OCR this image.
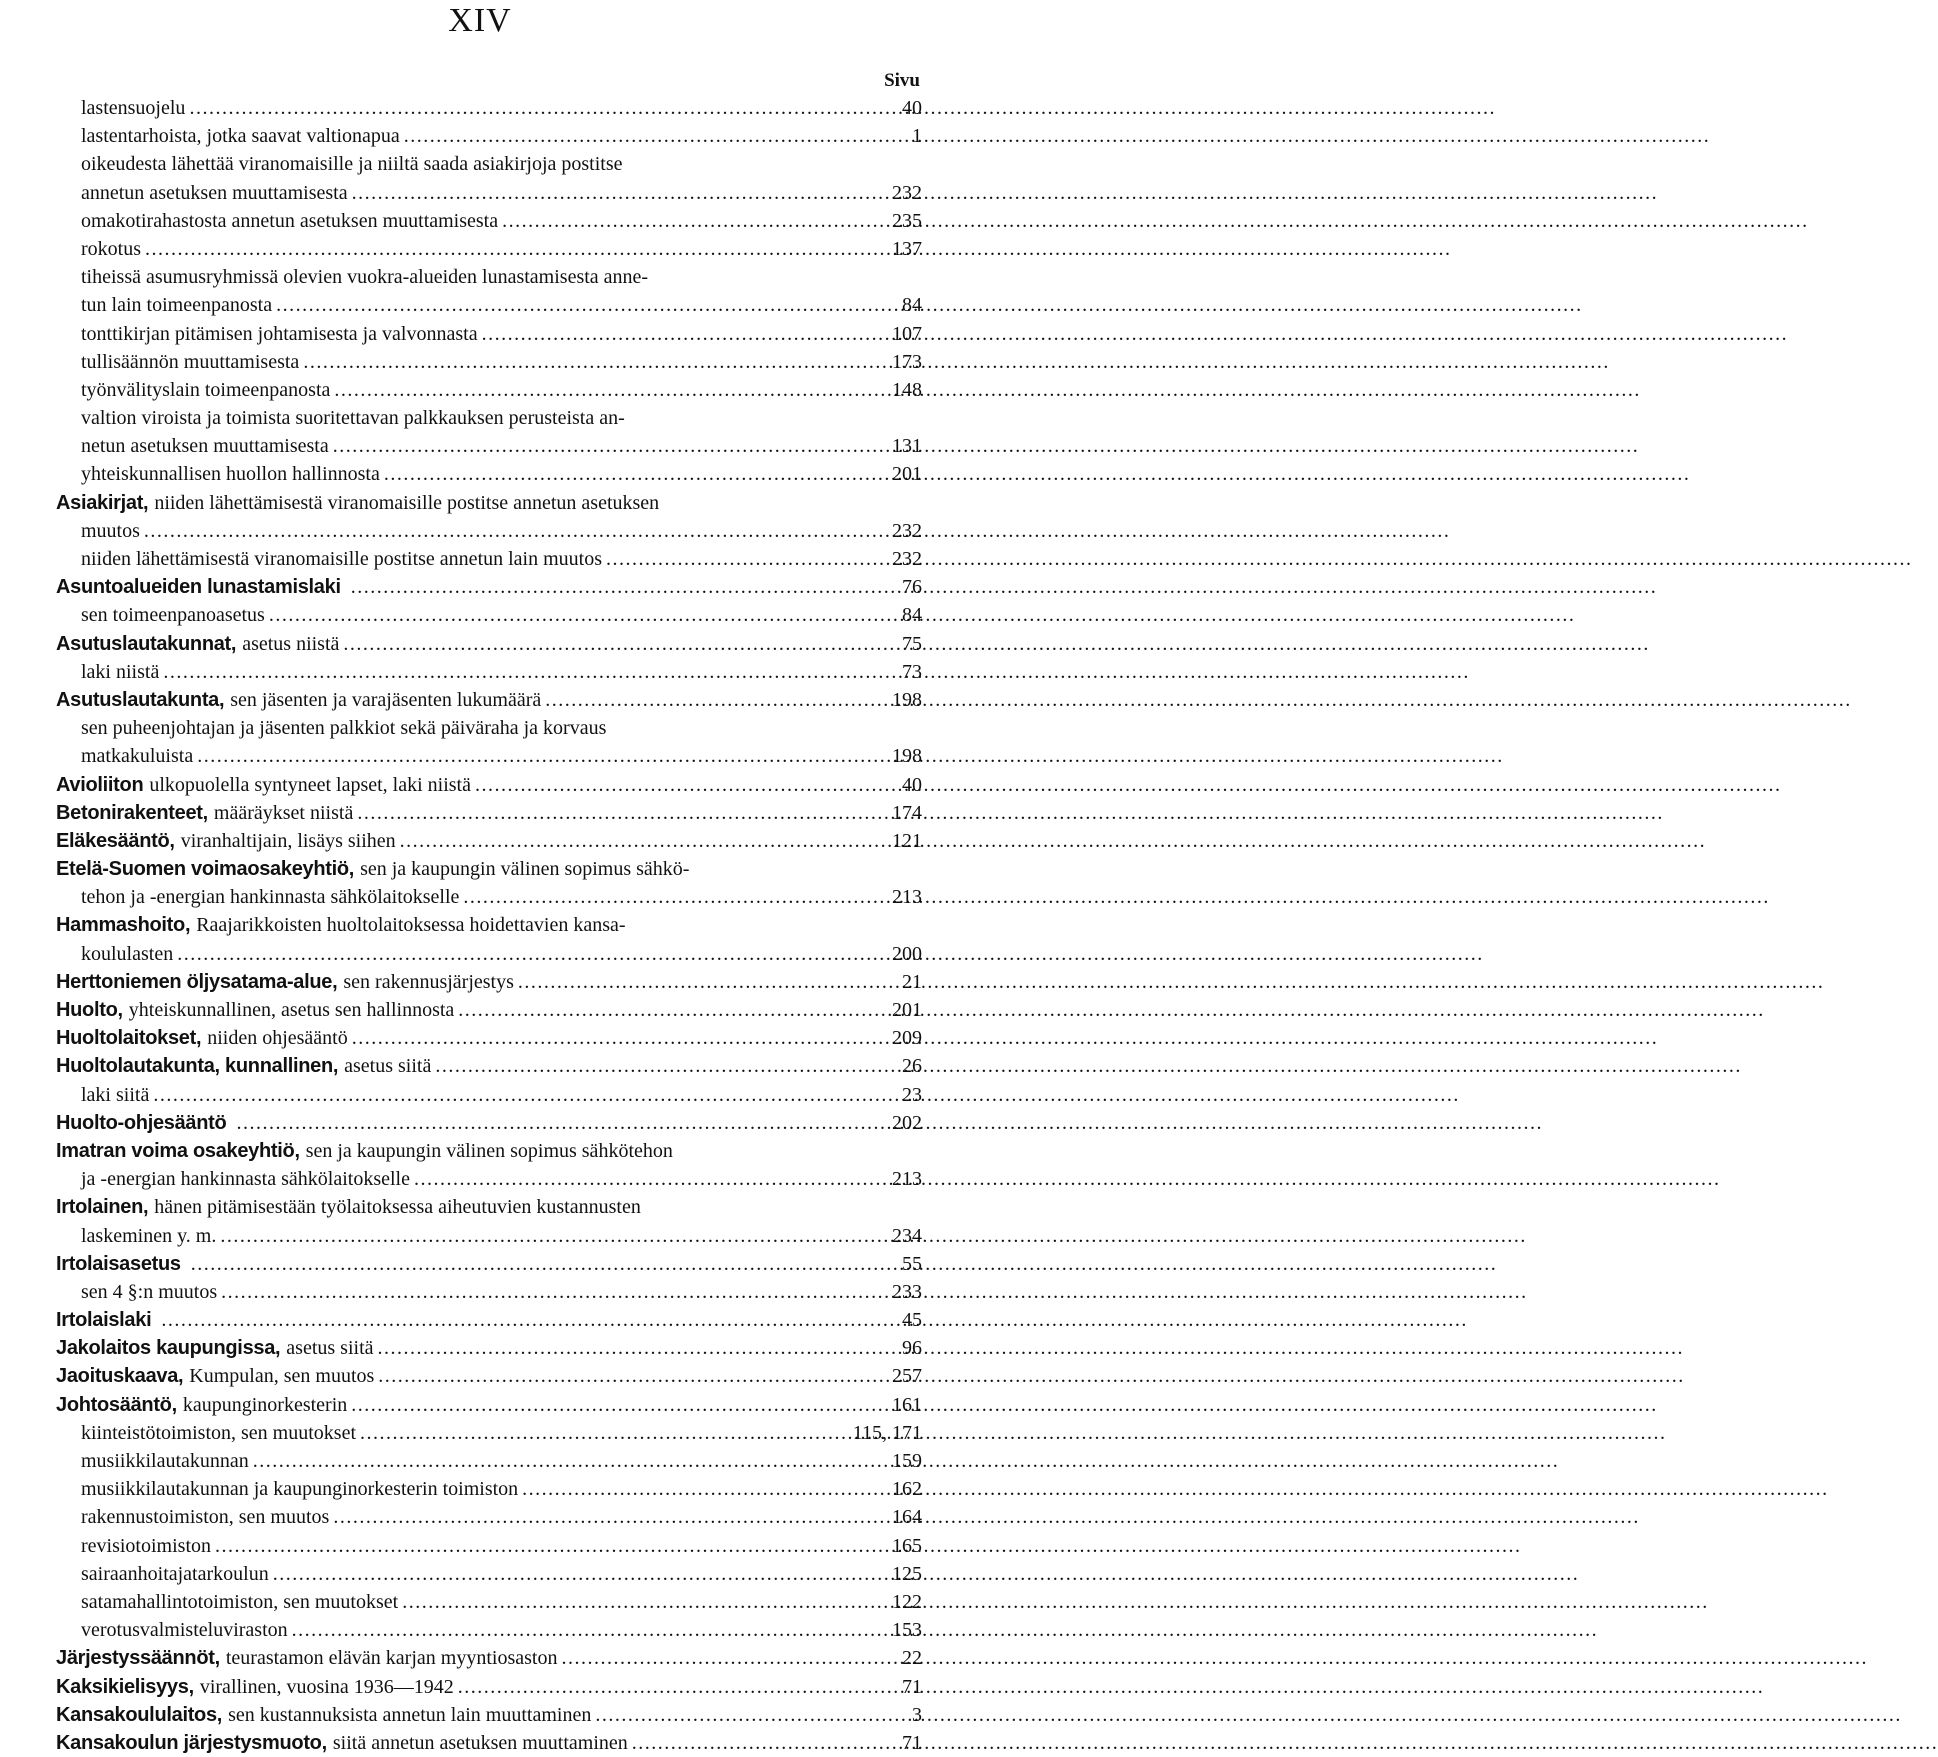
XIV
Sivu
lastensuojelu .....	40
lastentarhoista, jotka saavat valtionapua .....	1
oikeudesta lähettää viranomaisille ja niiltä saada asiakirjoja postitse
annetun asetuksen muuttamisesta .....	232
omakotirahastosta annetun asetuksen muuttamisesta .....	235
rokotus .....	137
tiheissä asumusryhmissä olevien vuokra-alueiden lunastamisesta anne-
tun lain toimeenpanosta .....	84
tonttikirjan pitämisen johtamisesta ja valvonnasta .....	107
tullisäännön muuttamisesta .....	173
työnvälityslain toimeenpanosta .....	148
valtion viroista ja toimista suoritettavan palkkauksen perusteista an-
netun asetuksen muuttamisesta .....	131
yhteiskunnallisen huollon hallinnosta .....	201
Asiakirjat, niiden lähettämisestä viranomaisille postitse annetun asetuksen
muutos .....	232
niiden lähettämisestä viranomaisille postitse annetun lain muutos .....	232
Asuntoalueiden lunastamislaki .....	76
sen toimeenpanoasetus .....	84
Asutuslautakunnat, asetus niistä .....	75
laki niistä .....	73
Asutuslautakunta, sen jäsenten ja varajäsenten lukumäärä .....	198
sen puheenjohtajan ja jäsenten palkkiot sekä päiväraha ja korvaus
matkakuluista .....	198
Avioliiton ulkopuolella syntyneet lapset, laki niistä .....	40
Betonirakenteet, määräykset niistä .....	174
Eläkesääntö, viranhaltijain, lisäys siihen .....	121
Etelä-Suomen voimaosakeyhtiö, sen ja kaupungin välinen sopimus sähkö-
tehon ja -energian hankinnasta sähkölaitokselle .....	213
Hammashoito, Raajarikkoisten huoltolaitoksessa hoidettavien kansa-
koululasten .....	200
Herttoniemen öljysatama-alue, sen rakennusjärjestys .....	21
Huolto, yhteiskunnallinen, asetus sen hallinnosta .....	201
Huoltolaitokset, niiden ohjesääntö .....	209
Huoltolautakunta, kunnallinen, asetus siitä .....	26
laki siitä .....	23
Huolto-ohjesääntö .....	202
Imatran voima osakeyhtiö, sen ja kaupungin välinen sopimus sähkötehon
ja -energian hankinnasta sähkölaitokselle .....	213
Irtolainen, hänen pitämisestään työlaitoksessa aiheutuvien kustannusten
laskeminen y. m. .....	234
Irtolaisasetus .....	55
sen 4 §:n muutos .....	233
Irtolaislaki .....	45
Jakolaitos kaupungissa, asetus siitä .....	96
Jaoituskaava, Kumpulan, sen muutos .....	257
Johtosääntö, kaupunginorkesterin .....	161
kiinteistötoimiston, sen muutokset .....	115, 171
musiikkilautakunnan .....	159
musiikkilautakunnan ja kaupunginorkesterin toimiston .....	162
rakennustoimiston, sen muutos .....	164
revisiotoimiston .....	165
sairaanhoitajatarkoulun .....	125
satamahallintotoimiston, sen muutokset .....	122
verotusvalmisteluviraston .....	153
Järjestyssäännöt, teurastamon elävän karjan myyntiosaston .....	22
Kaksikielisyys, virallinen, vuosina 1936—1942 .....	71
Kansakoululaitos, sen kustannuksista annetun lain muuttaminen .....	3
Kansakoulun järjestysmuoto, siitä annetun asetuksen muuttaminen .....	71
